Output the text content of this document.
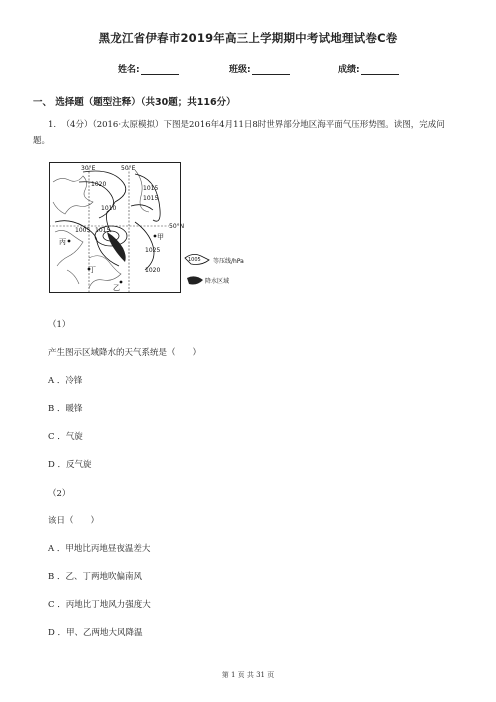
黑龙江省伊春市2019年高三上学期期中考试地理试卷C卷
姓名:	班级:	成绩:
一、 选择题（题型注释）（共30题；共116分）
1. （4分）（2016·太原模拟）下图是2016年4月11日8时世界部分地区海平面气压形势图。读图，完成问
题。
30°E	50°E
50°N
1020
1015
1015
1010
1005
1025
1020
1015
丙
甲
丁
乙
1005 等压线/hPa
降水区域
（1）
产生图示区域降水的天气系统是（　　）
A ．冷锋
B ．暖锋
C ．气旋
D ．反气旋
（2）
该日（　　）
A ．甲地比丙地昼夜温差大
B ．乙、丁两地吹偏南风
C ．丙地比丁地风力强度大
D ．甲、乙两地大风降温
第 1 页 共 31 页
